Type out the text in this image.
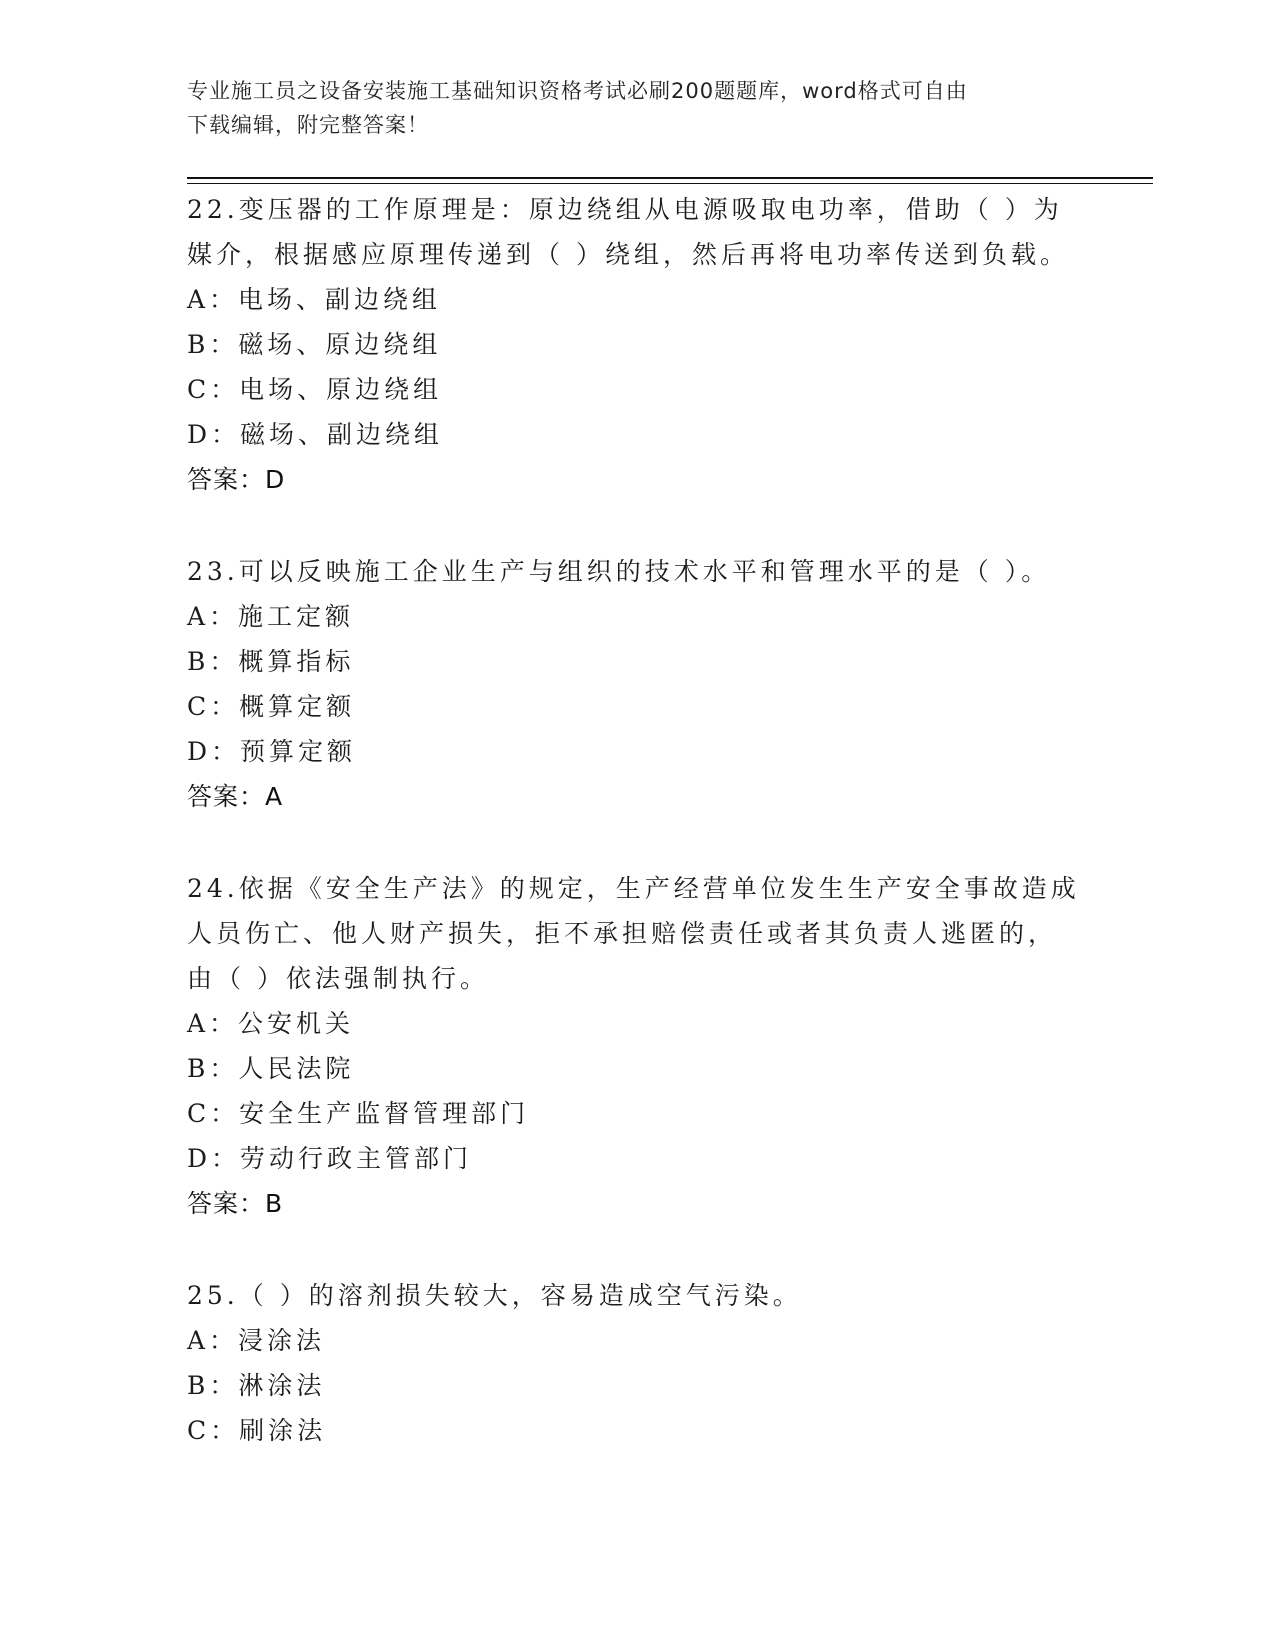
专业施工员之设备安装施工基础知识资格考试必刷200题题库，word格式可自由
下载编辑，附完整答案！

22.变压器的工作原理是：原边绕组从电源吸取电功率，借助（ ）为

媒介，根据感应原理传递到（ ）绕组，然后再将电功率传送到负载。

A：电场、副边绕组

B：磁场、原边绕组

C：电场、原边绕组

D：磁场、副边绕组

答案：D

23.可以反映施工企业生产与组织的技术水平和管理水平的是（ ）。

A：施工定额

B：概算指标

C：概算定额

D：预算定额

答案：A

24.依据《安全生产法》的规定，生产经营单位发生生产安全事故造成

人员伤亡、他人财产损失，拒不承担赔偿责任或者其负责人逃匿的，

由（ ）依法强制执行。

A：公安机关

B：人民法院

C：安全生产监督管理部门

D：劳动行政主管部门

答案：B

25.（ ）的溶剂损失较大，容易造成空气污染。

A：浸涂法

B：淋涂法

C：刷涂法
